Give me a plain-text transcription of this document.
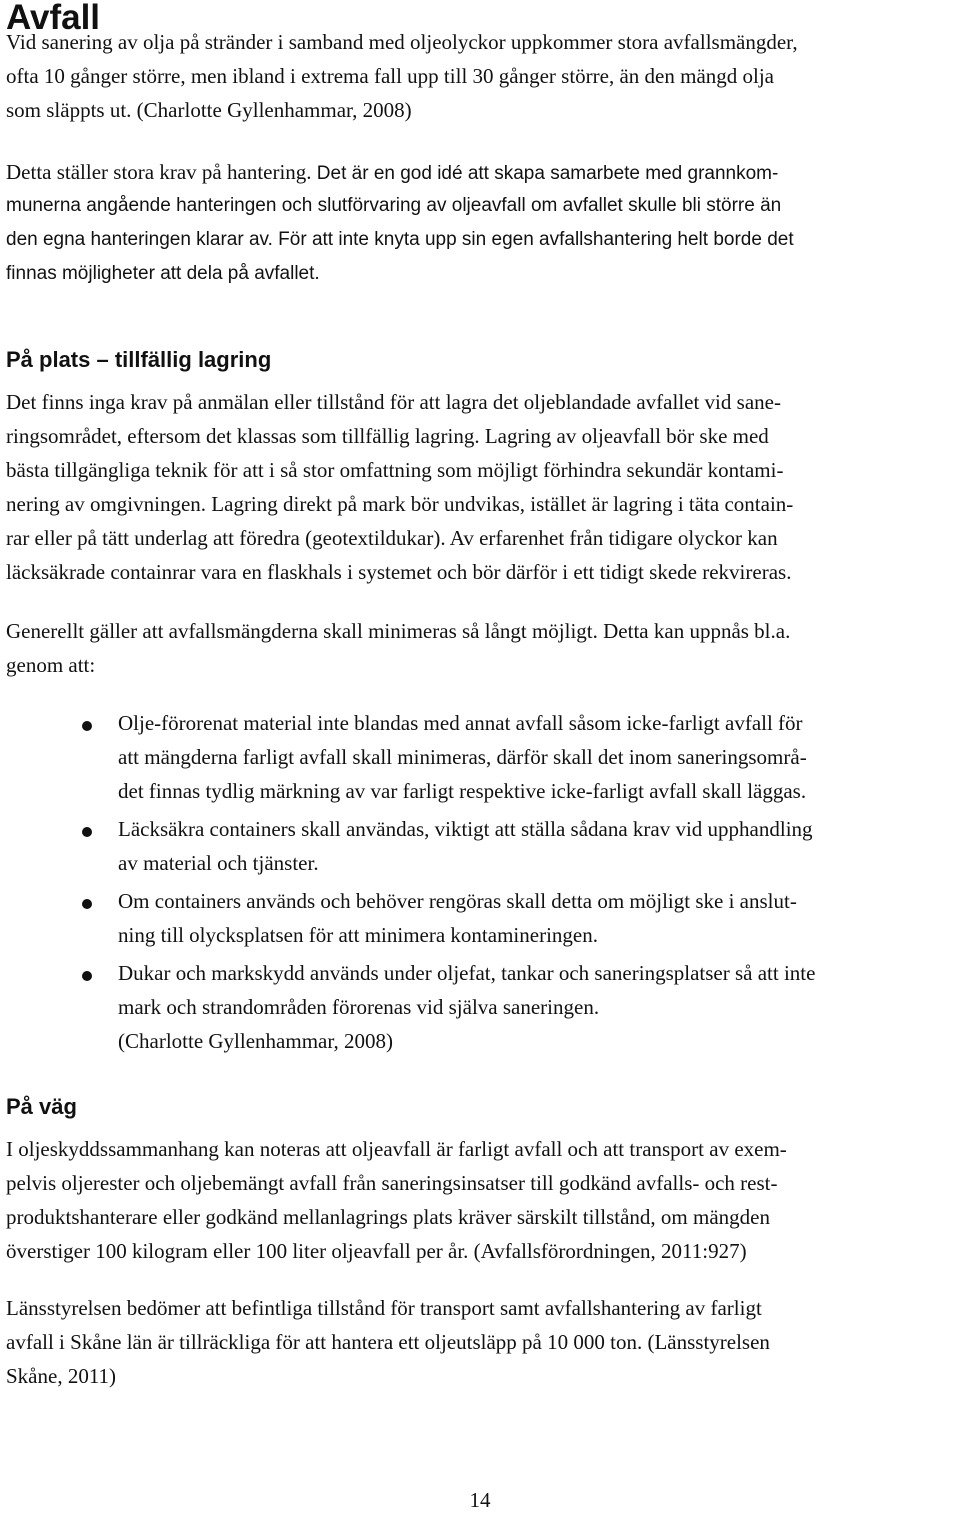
Avfall
Vid sanering av olja på stränder i samband med oljeolyckor uppkommer stora avfallsmängder,
ofta 10 gånger större, men ibland i extrema fall upp till 30 gånger större, än den mängd olja
som släppts ut. (Charlotte Gyllenhammar, 2008)
Detta ställer stora krav på hantering. Det är en god idé att skapa samarbete med grannkom-
munerna angående hanteringen och slutförvaring av oljeavfall om avfallet skulle bli större än
den egna hanteringen klarar av. För att inte knyta upp sin egen avfallshantering helt borde det
finnas möjligheter att dela på avfallet.
På plats – tillfällig lagring
Det finns inga krav på anmälan eller tillstånd för att lagra det oljeblandade avfallet vid sane-
ringsområdet, eftersom det klassas som tillfällig lagring. Lagring av oljeavfall bör ske med
bästa tillgängliga teknik för att i så stor omfattning som möjligt förhindra sekundär kontami-
nering av omgivningen. Lagring direkt på mark bör undvikas, istället är lagring i täta contain-
rar eller på tätt underlag att föredra (geotextildukar). Av erfarenhet från tidigare olyckor kan
läcksäkrade containrar vara en flaskhals i systemet och bör därför i ett tidigt skede rekvireras.
Generellt gäller att avfallsmängderna skall minimeras så långt möjligt. Detta kan uppnås bl.a.
genom att:
Olje-förorenat material inte blandas med annat avfall såsom icke-farligt avfall för
att mängderna farligt avfall skall minimeras, därför skall det inom saneringsområ-
det finnas tydlig märkning av var farligt respektive icke-farligt avfall skall läggas.
Läcksäkra containers skall användas, viktigt att ställa sådana krav vid upphandling
av material och tjänster.
Om containers används och behöver rengöras skall detta om möjligt ske i anslut-
ning till olycksplatsen för att minimera kontamineringen.
Dukar och markskydd används under oljefat, tankar och saneringsplatser så att inte
mark och strandområden förorenas vid själva saneringen.
(Charlotte Gyllenhammar, 2008)
På väg
I oljeskyddssammanhang kan noteras att oljeavfall är farligt avfall och att transport av exem-
pelvis oljerester och oljebemängt avfall från saneringsinsatser till godkänd avfalls- och rest-
produktshanterare eller godkänd mellanlagrings plats kräver särskilt tillstånd, om mängden
överstiger 100 kilogram eller 100 liter oljeavfall per år. (Avfallsförordningen, 2011:927)
Länsstyrelsen bedömer att befintliga tillstånd för transport samt avfallshantering av farligt
avfall i Skåne län är tillräckliga för att hantera ett oljeutsläpp på 10 000 ton. (Länsstyrelsen
Skåne, 2011)
14
